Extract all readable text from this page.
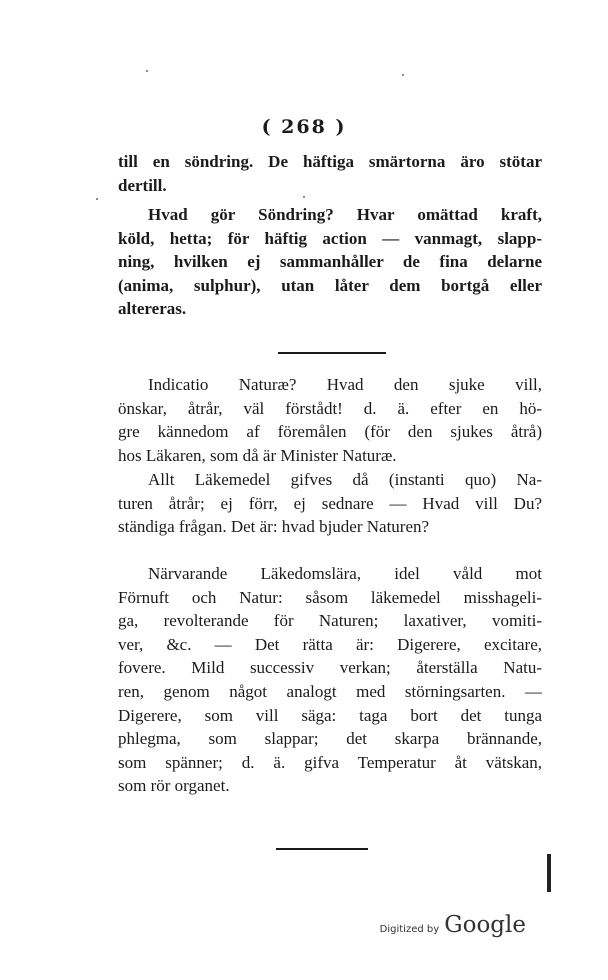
( 268 )
till en söndring. De häftiga smärtorna äro stötar
dertill.
Hvad gör Söndring? Hvar omättad kraft,
köld, hetta; för häftig action — vanmagt, slapp-
ning, hvilken ej sammanhåller de fina delarne
(anima, sulphur), utan låter dem bortgå eller
altereras.
Indicatio Naturæ? Hvad den sjuke vill,
önskar, åtrår, väl förstådt! d. ä. efter en hö-
gre kännedom af föremålen (för den sjukes åtrå)
hos Läkaren, som då är Minister Naturæ.
Allt Läkemedel gifves då (instanti quo) Na-
turen åtrår; ej förr, ej sednare — Hvad vill Du?
ständiga frågan. Det är: hvad bjuder Naturen?
Närvarande Läkedomslära, idel våld mot
Förnuft och Natur: såsom läkemedel misshageli-
ga, revolterande för Naturen; laxativer, vomiti-
ver, &c. — Det rätta är: Digerere, excitare,
fovere. Mild successiv verkan; återställa Natu-
ren, genom något analogt med störningsarten. —
Digerere, som vill säga: taga bort det tunga
phlegma, som slappar; det skarpa brännande,
som spänner; d. ä. gifva Temperatur åt vätskan,
som rör organet.
Digitized by Google
